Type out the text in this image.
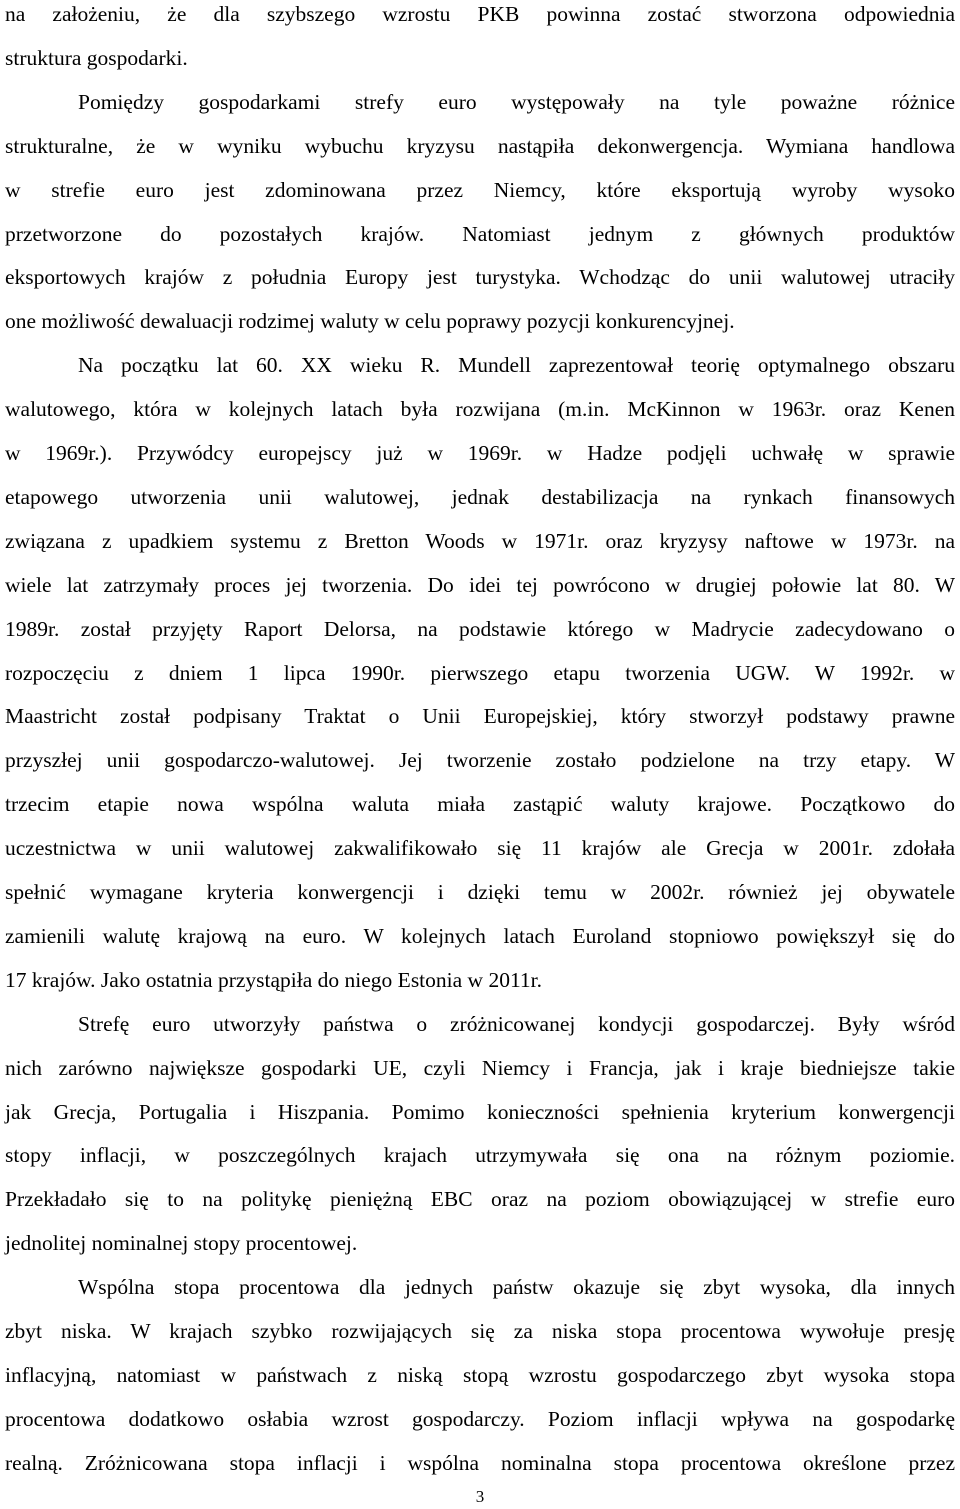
na założeniu, że dla szybszego wzrostu PKB powinna zostać stworzona odpowiednia
struktura gospodarki.
Pomiędzy gospodarkami strefy euro występowały na tyle poważne różnice
strukturalne, że w wyniku wybuchu kryzysu nastąpiła dekonwergencja. Wymiana handlowa
w strefie euro jest zdominowana przez Niemcy, które eksportują wyroby wysoko
przetworzone do pozostałych krajów. Natomiast jednym z głównych produktów
eksportowych krajów z południa Europy jest turystyka. Wchodząc do unii walutowej utraciły
one możliwość dewaluacji rodzimej waluty w celu poprawy pozycji konkurencyjnej.
Na początku lat 60. XX wieku R. Mundell zaprezentował teorię optymalnego obszaru
walutowego, która w kolejnych latach była rozwijana (m.in. McKinnon w 1963r. oraz Kenen
w 1969r.). Przywódcy europejscy już w 1969r. w Hadze podjęli uchwałę w sprawie
etapowego utworzenia unii walutowej, jednak destabilizacja na rynkach finansowych
związana z upadkiem systemu z Bretton Woods w 1971r. oraz kryzysy naftowe w 1973r. na
wiele lat zatrzymały proces jej tworzenia. Do idei tej powrócono w drugiej połowie lat 80. W
1989r. został przyjęty Raport Delorsa, na podstawie którego w Madrycie zadecydowano o
rozpoczęciu z dniem 1 lipca 1990r. pierwszego etapu tworzenia UGW. W 1992r. w
Maastricht został podpisany Traktat o Unii Europejskiej, który stworzył podstawy prawne
przyszłej unii gospodarczo-walutowej. Jej tworzenie zostało podzielone na trzy etapy. W
trzecim etapie nowa wspólna waluta miała zastąpić waluty krajowe. Początkowo do
uczestnictwa w unii walutowej zakwalifikowało się 11 krajów ale Grecja w 2001r. zdołała
spełnić wymagane kryteria konwergencji i dzięki temu w 2002r. również jej obywatele
zamienili walutę krajową na euro. W kolejnych latach Euroland stopniowo powiększył się do
17 krajów. Jako ostatnia przystąpiła do niego Estonia w 2011r.
Strefę euro utworzyły państwa o zróżnicowanej kondycji gospodarczej. Były wśród
nich zarówno największe gospodarki UE, czyli Niemcy i Francja, jak i kraje biedniejsze takie
jak Grecja, Portugalia i Hiszpania. Pomimo konieczności spełnienia kryterium konwergencji
stopy inflacji, w poszczególnych krajach utrzymywała się ona na różnym poziomie.
Przekładało się to na politykę pieniężną EBC oraz na poziom obowiązującej w strefie euro
jednolitej nominalnej stopy procentowej.
Wspólna stopa procentowa dla jednych państw okazuje się zbyt wysoka, dla innych
zbyt niska. W krajach szybko rozwijających się za niska stopa procentowa wywołuje presję
inflacyjną, natomiast w państwach z niską stopą wzrostu gospodarczego zbyt wysoka stopa
procentowa dodatkowo osłabia wzrost gospodarczy. Poziom inflacji wpływa na gospodarkę
realną. Zróżnicowana stopa inflacji i wspólna nominalna stopa procentowa określone przez
3
